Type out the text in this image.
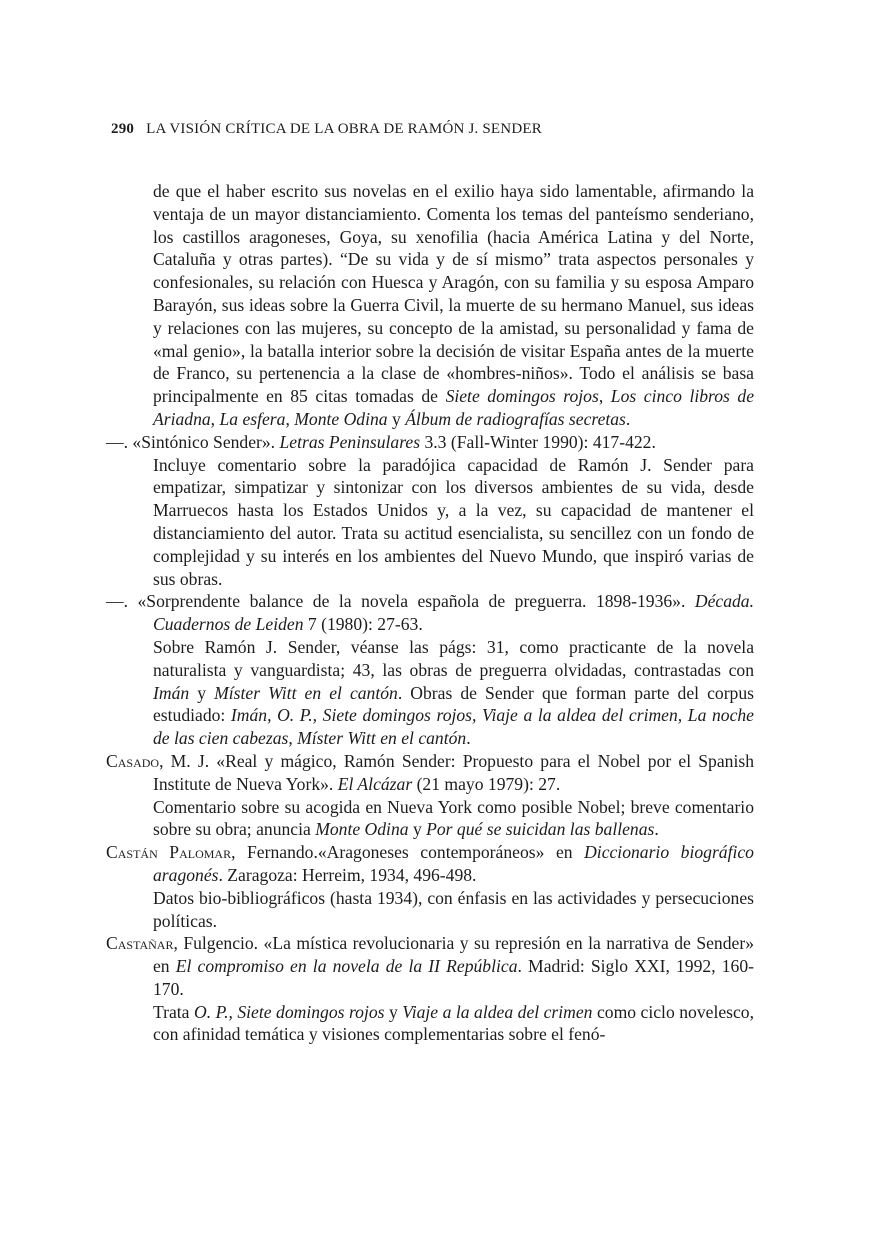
290 LA VISIÓN CRÍTICA DE LA OBRA DE RAMÓN J. SENDER

de que el haber escrito sus novelas en el exilio haya sido lamentable, afirmando la ventaja de un mayor distanciamiento. Comenta los temas del panteísmo senderiano, los castillos aragoneses, Goya, su xenofilia (hacia América Latina y del Norte, Cataluña y otras partes). “De su vida y de sí mismo” trata aspectos personales y confesionales, su relación con Huesca y Aragón, con su familia y su esposa Amparo Barayón, sus ideas sobre la Guerra Civil, la muerte de su hermano Manuel, sus ideas y relaciones con las mujeres, su concepto de la amistad, su personalidad y fama de «mal genio», la batalla interior sobre la decisión de visitar España antes de la muerte de Franco, su pertenencia a la clase de «hombres-niños». Todo el análisis se basa principalmente en 85 citas tomadas de Siete domingos rojos, Los cinco libros de Ariadna, La esfera, Monte Odina y Álbum de radiografías secretas.

—. «Sintónico Sender». Letras Peninsulares 3.3 (Fall-Winter 1990): 417-422.

Incluye comentario sobre la paradójica capacidad de Ramón J. Sender para empatizar, simpatizar y sintonizar con los diversos ambientes de su vida, desde Marruecos hasta los Estados Unidos y, a la vez, su capacidad de mantener el distanciamiento del autor. Trata su actitud esencialista, su sencillez con un fondo de complejidad y su interés en los ambientes del Nuevo Mundo, que inspiró varias de sus obras.

—. «Sorprendente balance de la novela española de preguerra. 1898-1936». Década. Cuadernos de Leiden 7 (1980): 27-63.

Sobre Ramón J. Sender, véanse las págs: 31, como practicante de la novela naturalista y vanguardista; 43, las obras de preguerra olvidadas, contrastadas con Imán y Míster Witt en el cantón. Obras de Sender que forman parte del corpus estudiado: Imán, O. P., Siete domingos rojos, Viaje a la aldea del crimen, La noche de las cien cabezas, Míster Witt en el cantón.

Casado, M. J. «Real y mágico, Ramón Sender: Propuesto para el Nobel por el Spanish Institute de Nueva York». El Alcázar (21 mayo 1979): 27.

Comentario sobre su acogida en Nueva York como posible Nobel; breve comentario sobre su obra; anuncia Monte Odina y Por qué se suicidan las ballenas.

Castán Palomar, Fernando.«Aragoneses contemporáneos» en Diccionario biográfico aragonés. Zaragoza: Herreim, 1934, 496-498.

Datos bio-bibliográficos (hasta 1934), con énfasis en las actividades y persecuciones políticas.

Castañar, Fulgencio. «La mística revolucionaria y su represión en la narrativa de Sender» en El compromiso en la novela de la II República. Madrid: Siglo XXI, 1992, 160-170.

Trata O. P., Siete domingos rojos y Viaje a la aldea del crimen como ciclo novelesco, con afinidad temática y visiones complementarias sobre el fenó-
